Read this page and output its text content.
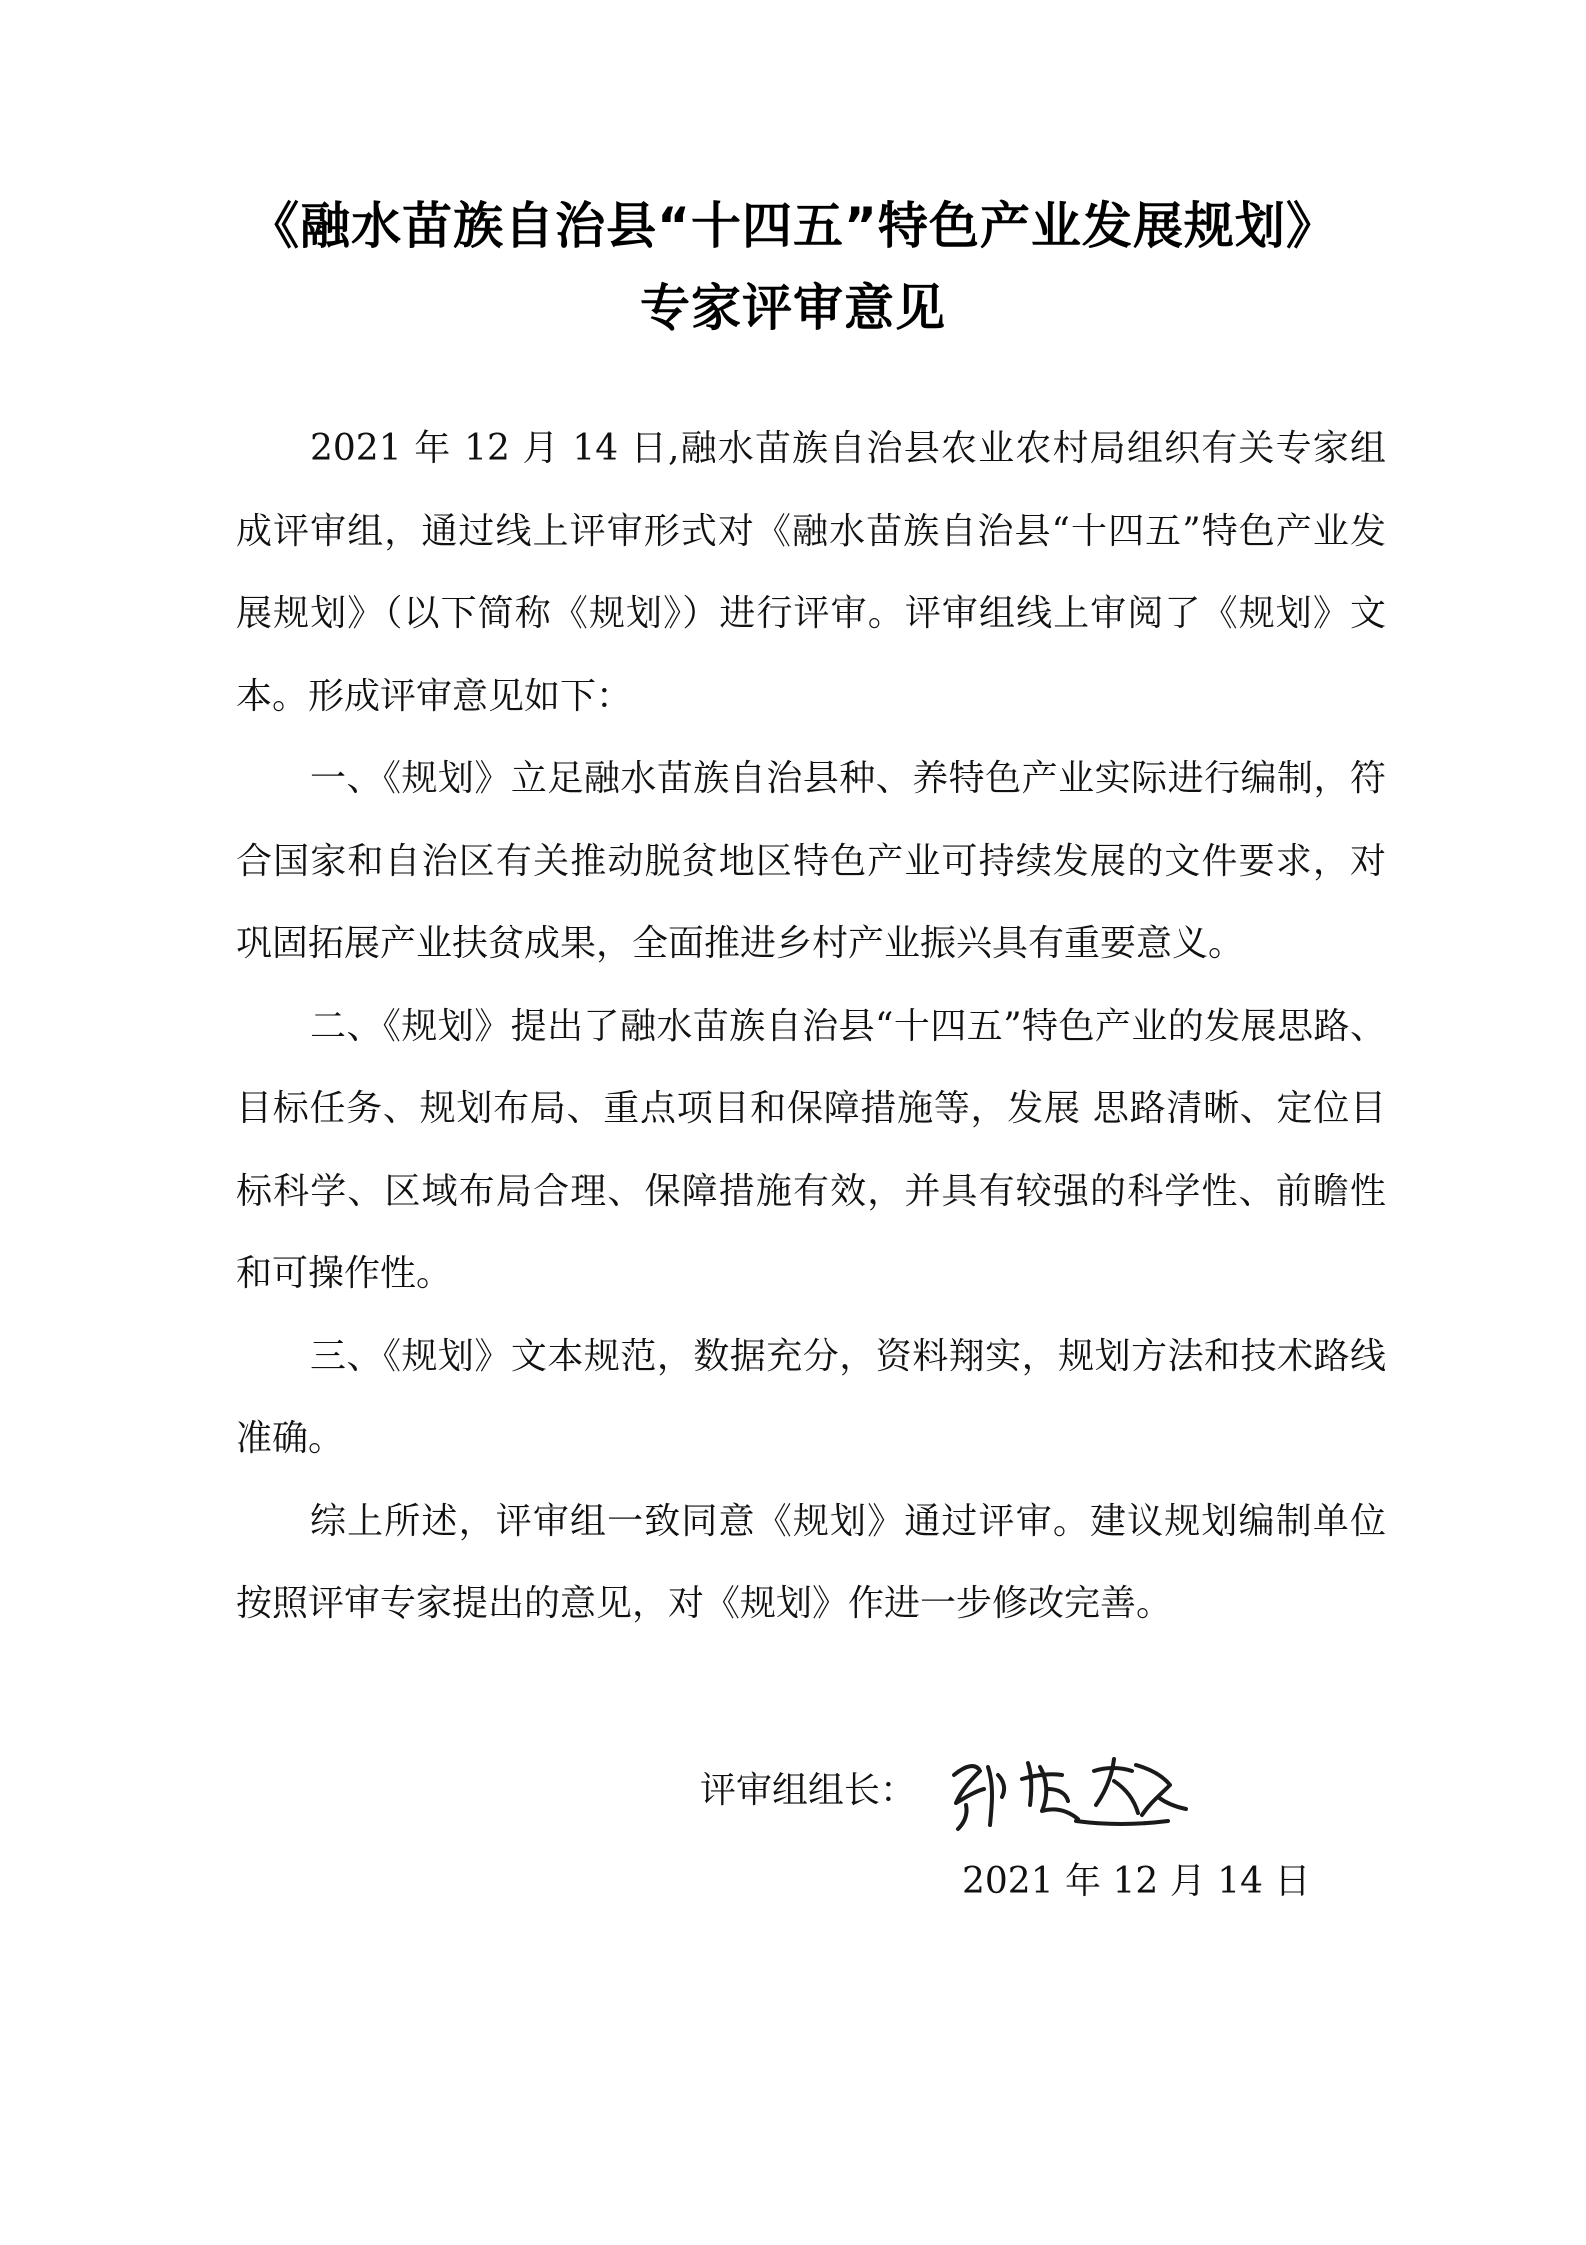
《融水苗族自治县“十四五”特色产业发展规划》
专家评审意见

2021 年 12 月 14 日,融水苗族自治县农业农村局组织有关专家组成评审组，通过线上评审形式对《融水苗族自治县“十四五”特色产业发展规划》（以下简称《规划》）进行评审。评审组线上审阅了《规划》文本。形成评审意见如下：

一、《规划》立足融水苗族自治县种、养特色产业实际进行编制，符合国家和自治区有关推动脱贫地区特色产业可持续发展的文件要求，对巩固拓展产业扶贫成果，全面推进乡村产业振兴具有重要意义。

二、《规划》提出了融水苗族自治县“十四五”特色产业的发展思路、目标任务、规划布局、重点项目和保障措施等，发展 思路清晰、定位目标科学、区域布局合理、保障措施有效，并具有较强的科学性、前瞻性和可操作性。

三、《规划》文本规范，数据充分，资料翔实，规划方法和技术路线准确。

综上所述，评审组一致同意《规划》通过评审。建议规划编制单位按照评审专家提出的意见，对《规划》作进一步修改完善。

评审组组长：
2021 年 12 月 14 日
